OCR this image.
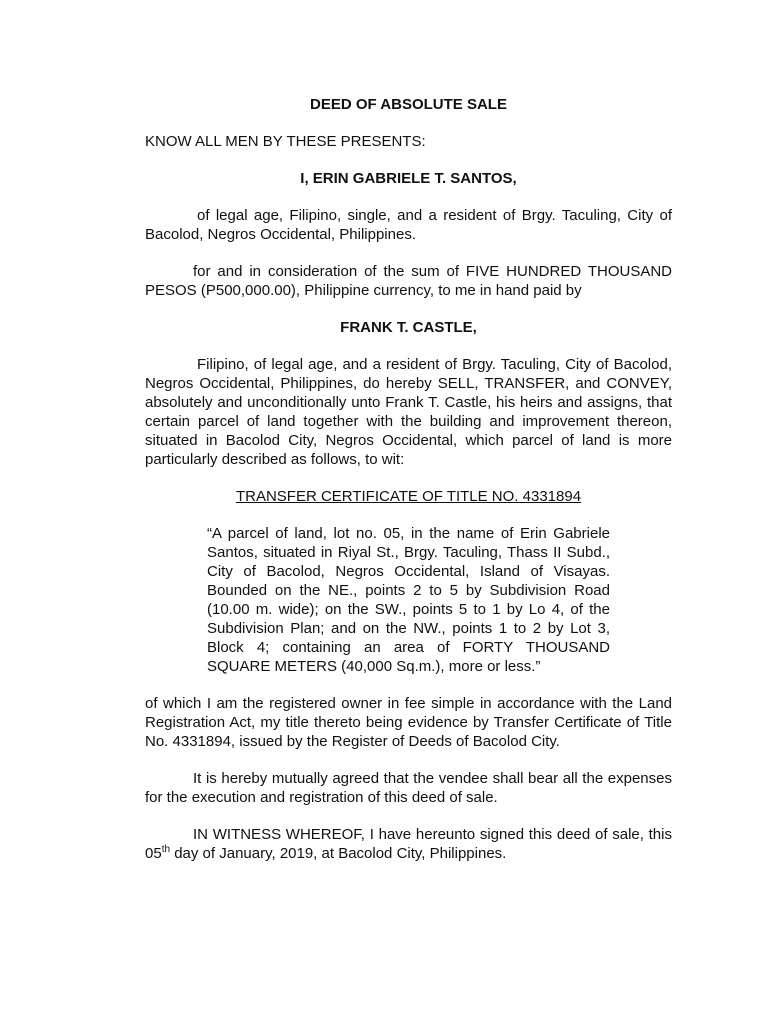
DEED OF ABSOLUTE SALE

KNOW ALL MEN BY THESE PRESENTS:

I, ERIN GABRIELE T. SANTOS,

of legal age, Filipino, single, and a resident of Brgy. Taculing, City of Bacolod, Negros Occidental, Philippines.

for and in consideration of the sum of FIVE HUNDRED THOUSAND PESOS (P500,000.00), Philippine currency, to me in hand paid by

FRANK T. CASTLE,

Filipino, of legal age, and a resident of Brgy. Taculing, City of Bacolod, Negros Occidental, Philippines, do hereby SELL, TRANSFER, and CONVEY, absolutely and unconditionally unto Frank T. Castle, his heirs and assigns, that certain parcel of land together with the building and improvement thereon, situated in Bacolod City, Negros Occidental, which parcel of land is more particularly described as follows, to wit:

TRANSFER CERTIFICATE OF TITLE NO. 4331894

“A parcel of land, lot no. 05, in the name of Erin Gabriele Santos, situated in Riyal St., Brgy. Taculing, Thass II Subd., City of Bacolod, Negros Occidental, Island of Visayas. Bounded on the NE., points 2 to 5 by Subdivision Road (10.00 m. wide); on the SW., points 5 to 1 by Lo 4, of the Subdivision Plan; and on the NW., points 1 to 2 by Lot 3, Block 4; containing an area of FORTY THOUSAND SQUARE METERS (40,000 Sq.m.), more or less.”

of which I am the registered owner in fee simple in accordance with the Land Registration Act, my title thereto being evidence by Transfer Certificate of Title No. 4331894, issued by the Register of Deeds of Bacolod City.

It is hereby mutually agreed that the vendee shall bear all the expenses for the execution and registration of this deed of sale.

IN WITNESS WHEREOF, I have hereunto signed this deed of sale, this 05th day of January, 2019, at Bacolod City, Philippines.
